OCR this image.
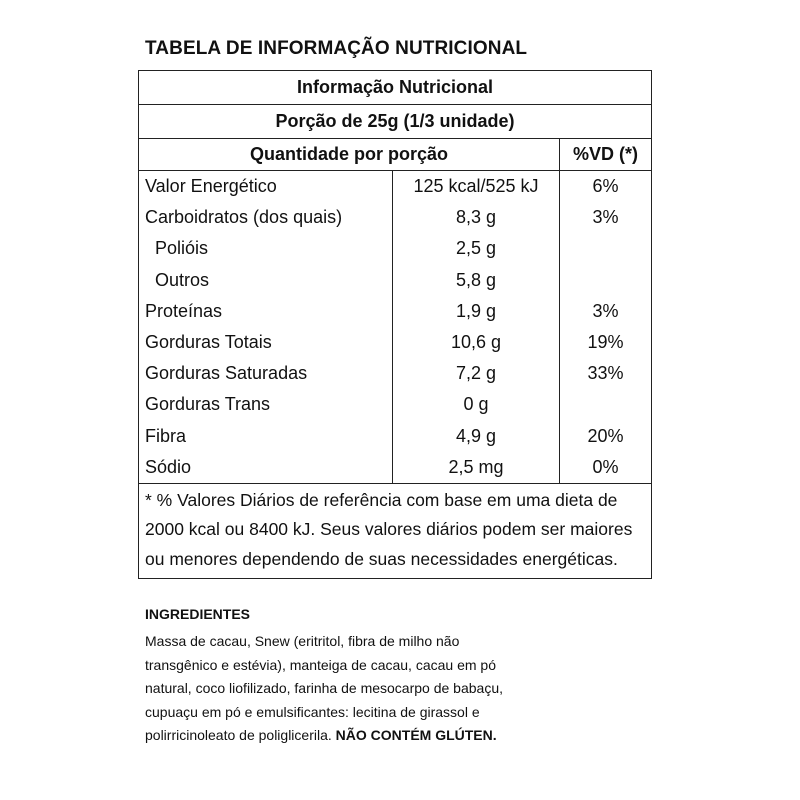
TABELA DE INFORMAÇÃO NUTRICIONAL
Informação Nutricional
Porção de 25g (1/3 unidade)
Quantidade por porção	%VD (*)
Valor Energético	125 kcal/525 kJ	6%
Carboidratos (dos quais)	8,3 g	3%
Polióis	2,5 g
Outros	5,8 g
Proteínas	1,9 g	3%
Gorduras Totais	10,6 g	19%
Gorduras Saturadas	7,2 g	33%
Gorduras Trans	0 g
Fibra	4,9 g	20%
Sódio	2,5 mg	0%
* % Valores Diários de referência com base em uma dieta de 2000 kcal ou 8400 kJ. Seus valores diários podem ser maiores ou menores dependendo de suas necessidades energéticas.
INGREDIENTES
Massa de cacau, Snew (eritritol, fibra de milho não transgênico e estévia), manteiga de cacau, cacau em pó natural, coco liofilizado, farinha de mesocarpo de babaçu, cupuaçu em pó e emulsificantes: lecitina de girassol e polirricinoleato de poliglicerila. NÃO CONTÉM GLÚTEN.
